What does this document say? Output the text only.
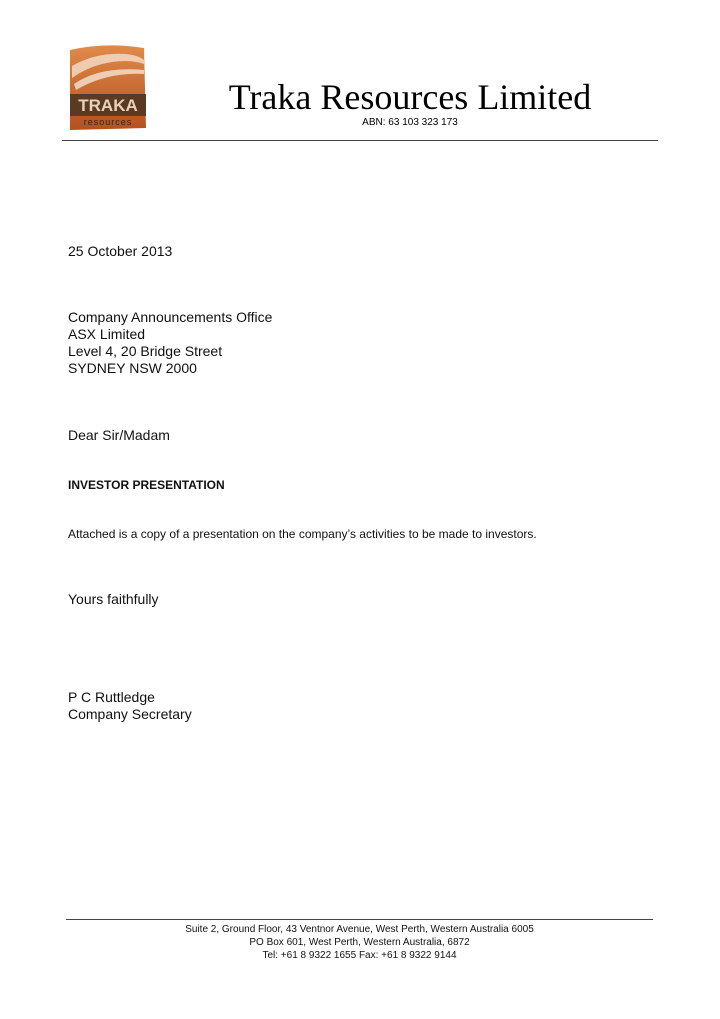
TRAKA
resources
Traka Resources Limited
ABN: 63 103 323 173
25 October 2013
Company Announcements Office
ASX Limited
Level 4, 20 Bridge Street
SYDNEY NSW 2000
Dear Sir/Madam
INVESTOR PRESENTATION
Attached is a copy of a presentation on the company’s activities to be made to investors.
Yours faithfully
P C Ruttledge
Company Secretary
Suite 2, Ground Floor, 43 Ventnor Avenue, West Perth, Western Australia 6005
PO Box 601, West Perth, Western Australia, 6872
Tel: +61 8 9322 1655 Fax: +61 8 9322 9144
